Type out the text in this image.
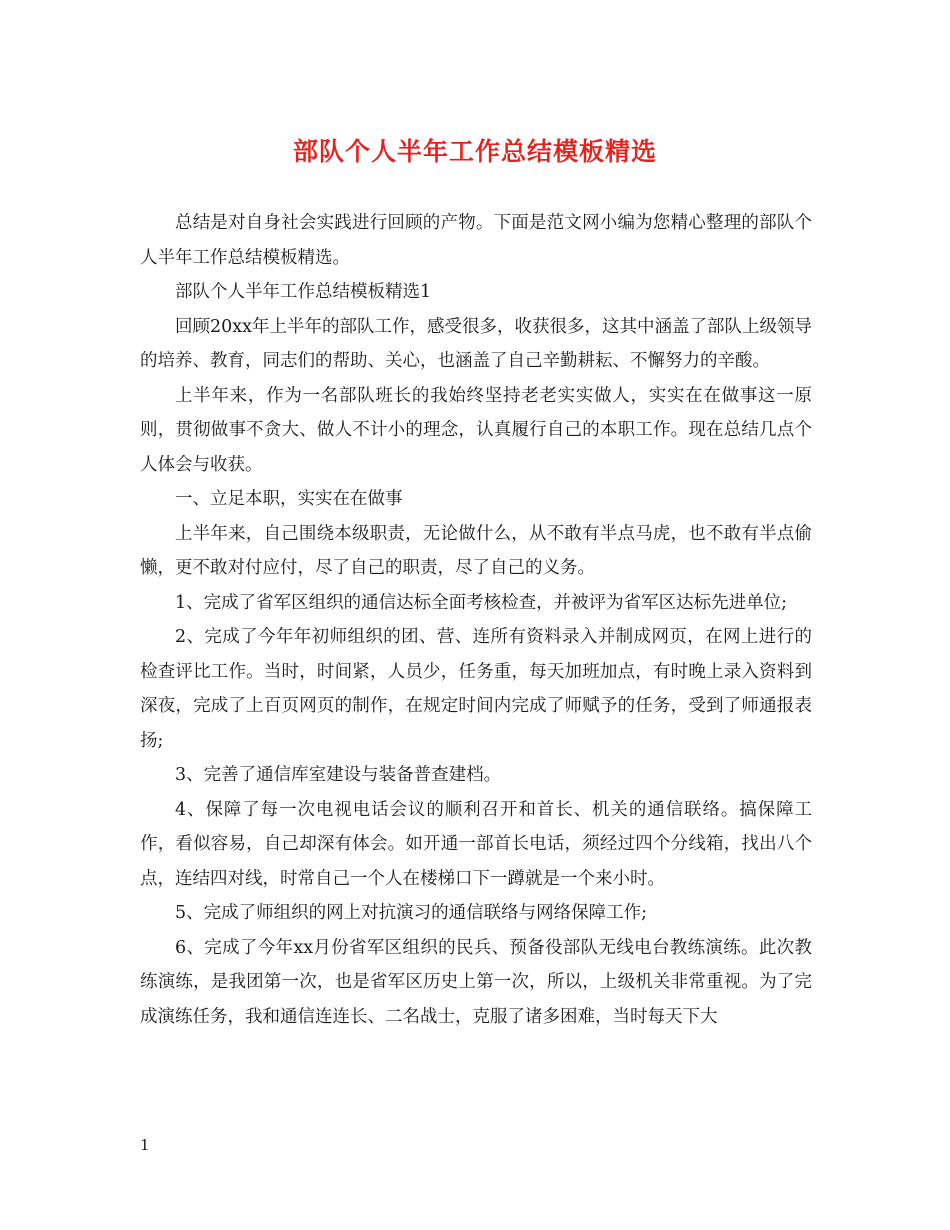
部队个人半年工作总结模板精选

总结是对自身社会实践进行回顾的产物。下面是范文网小编为您精心整理的部队个人半年工作总结模板精选。

部队个人半年工作总结模板精选1

回顾20xx年上半年的部队工作，感受很多，收获很多，这其中涵盖了部队上级领导的培养、教育，同志们的帮助、关心，也涵盖了自己辛勤耕耘、不懈努力的辛酸。

上半年来，作为一名部队班长的我始终坚持老老实实做人，实实在在做事这一原则，贯彻做事不贪大、做人不计小的理念，认真履行自己的本职工作。现在总结几点个人体会与收获。

一、立足本职，实实在在做事

上半年来，自己围绕本级职责，无论做什么，从不敢有半点马虎，也不敢有半点偷懒，更不敢对付应付，尽了自己的职责，尽了自己的义务。

1、完成了省军区组织的通信达标全面考核检查，并被评为省军区达标先进单位;

2、完成了今年年初师组织的团、营、连所有资料录入并制成网页，在网上进行的检查评比工作。当时，时间紧，人员少，任务重，每天加班加点，有时晚上录入资料到深夜，完成了上百页网页的制作，在规定时间内完成了师赋予的任务，受到了师通报表扬;

3、完善了通信库室建设与装备普查建档。

4、保障了每一次电视电话会议的顺利召开和首长、机关的通信联络。搞保障工作，看似容易，自己却深有体会。如开通一部首长电话，须经过四个分线箱，找出八个点，连结四对线，时常自己一个人在楼梯口下一蹲就是一个来小时。

5、完成了师组织的网上对抗演习的通信联络与网络保障工作;

6、完成了今年xx月份省军区组织的民兵、预备役部队无线电台教练演练。此次教练演练，是我团第一次，也是省军区历史上第一次，所以，上级机关非常重视。为了完成演练任务，我和通信连连长、二名战士，克服了诸多困难，当时每天下大

1
